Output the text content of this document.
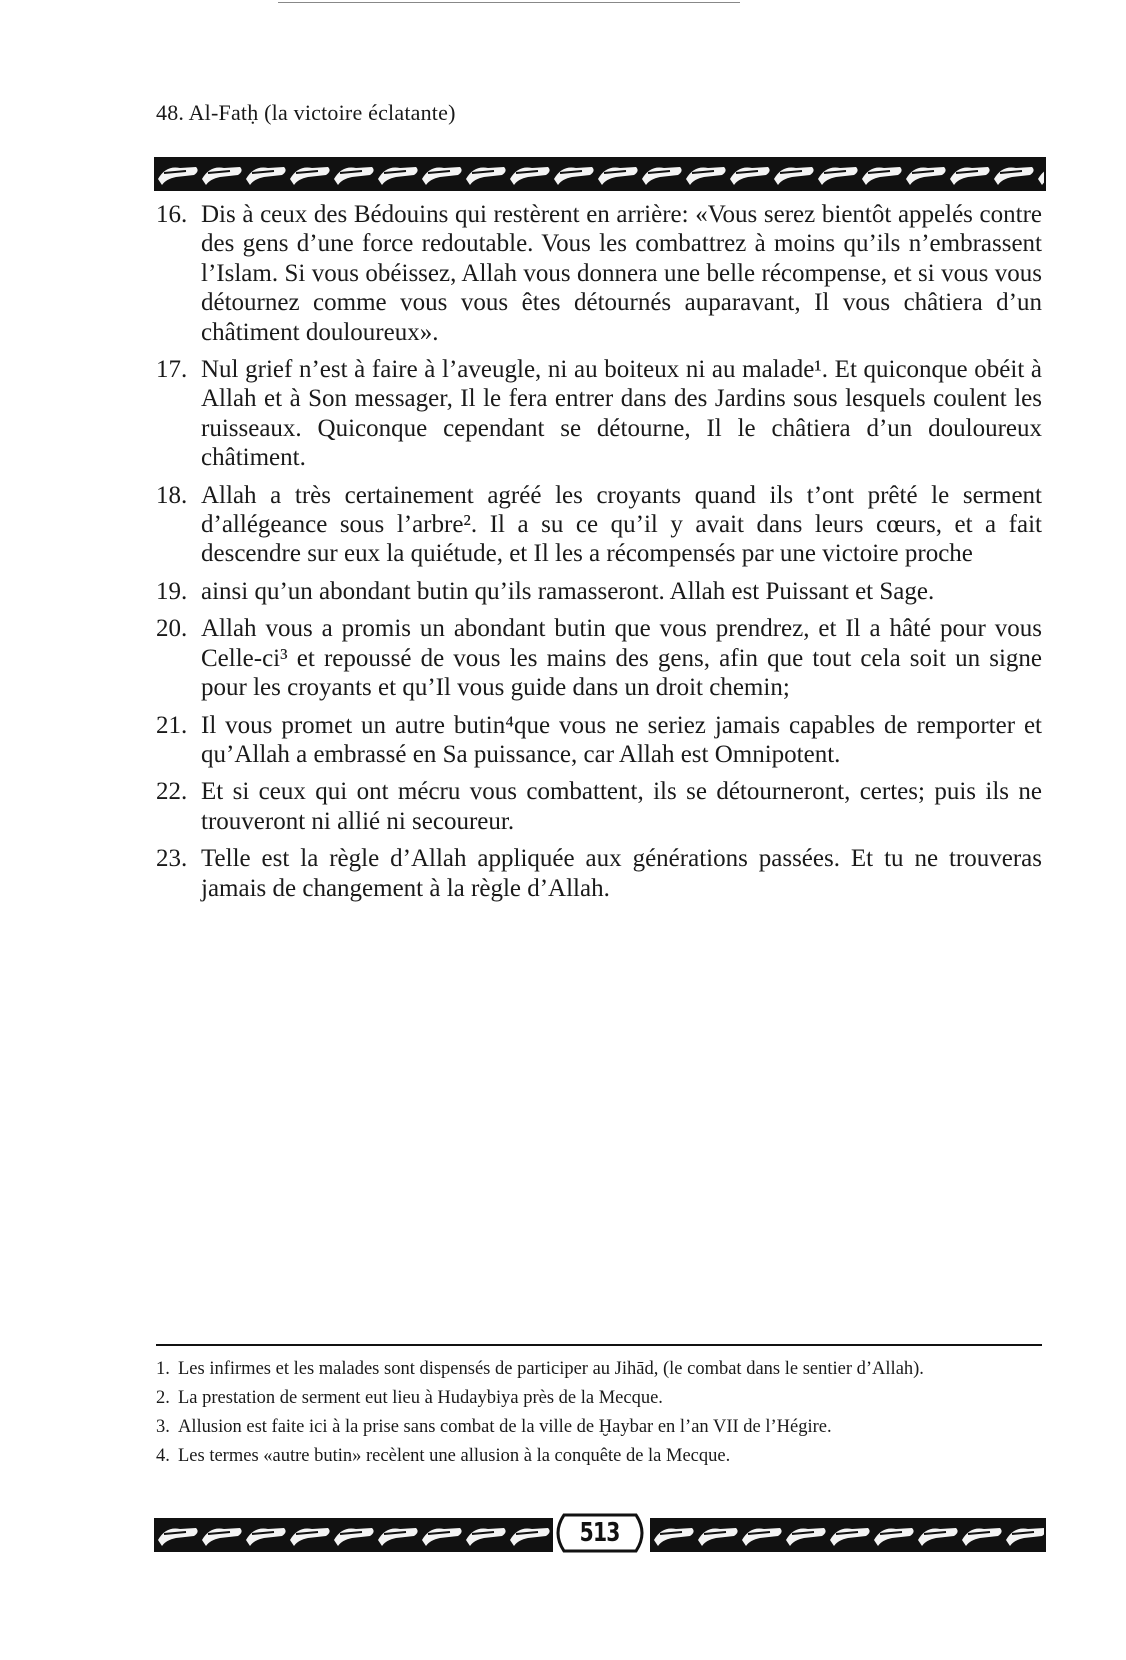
48. Al-Fatḥ (la victoire éclatante)
16. Dis à ceux des Bédouins qui restèrent en arrière: «Vous serez bientôt appelés contre des gens d’une force redoutable. Vous les combattrez à moins qu’ils n’embrassent l’Islam. Si vous obéissez, Allah vous donnera une belle récompense, et si vous vous détournez comme vous vous êtes détournés auparavant, Il vous châtiera d’un châtiment douloureux».
17. Nul grief n’est à faire à l’aveugle, ni au boiteux ni au malade¹. Et quiconque obéit à Allah et à Son messager, Il le fera entrer dans des Jardins sous lesquels coulent les ruisseaux. Quiconque cependant se détourne, Il le châtiera d’un douloureux châtiment.
18. Allah a très certainement agréé les croyants quand ils t’ont prêté le serment d’allégeance sous l’arbre². Il a su ce qu’il y avait dans leurs cœurs, et a fait descendre sur eux la quiétude, et Il les a récompensés par une victoire proche
19. ainsi qu’un abondant butin qu’ils ramasseront. Allah est Puissant et Sage.
20. Allah vous a promis un abondant butin que vous prendrez, et Il a hâté pour vous Celle-ci³ et repoussé de vous les mains des gens, afin que tout cela soit un signe pour les croyants et qu’Il vous guide dans un droit chemin;
21. Il vous promet un autre butin⁴que vous ne seriez jamais capables de remporter et qu’Allah a embrassé en Sa puissance, car Allah est Omnipotent.
22. Et si ceux qui ont mécru vous combattent, ils se détourneront, certes; puis ils ne trouveront ni allié ni secoureur.
23. Telle est la règle d’Allah appliquée aux générations passées. Et tu ne trouveras jamais de changement à la règle d’Allah.
1. Les infirmes et les malades sont dispensés de participer au Jihād, (le combat dans le sentier d’Allah).
2. La prestation de serment eut lieu à Hudaybiya près de la Mecque.
3. Allusion est faite ici à la prise sans combat de la ville de Ḫaybar en l’an VII de l’Hégire.
4. Les termes «autre butin» recèlent une allusion à la conquête de la Mecque.
513
